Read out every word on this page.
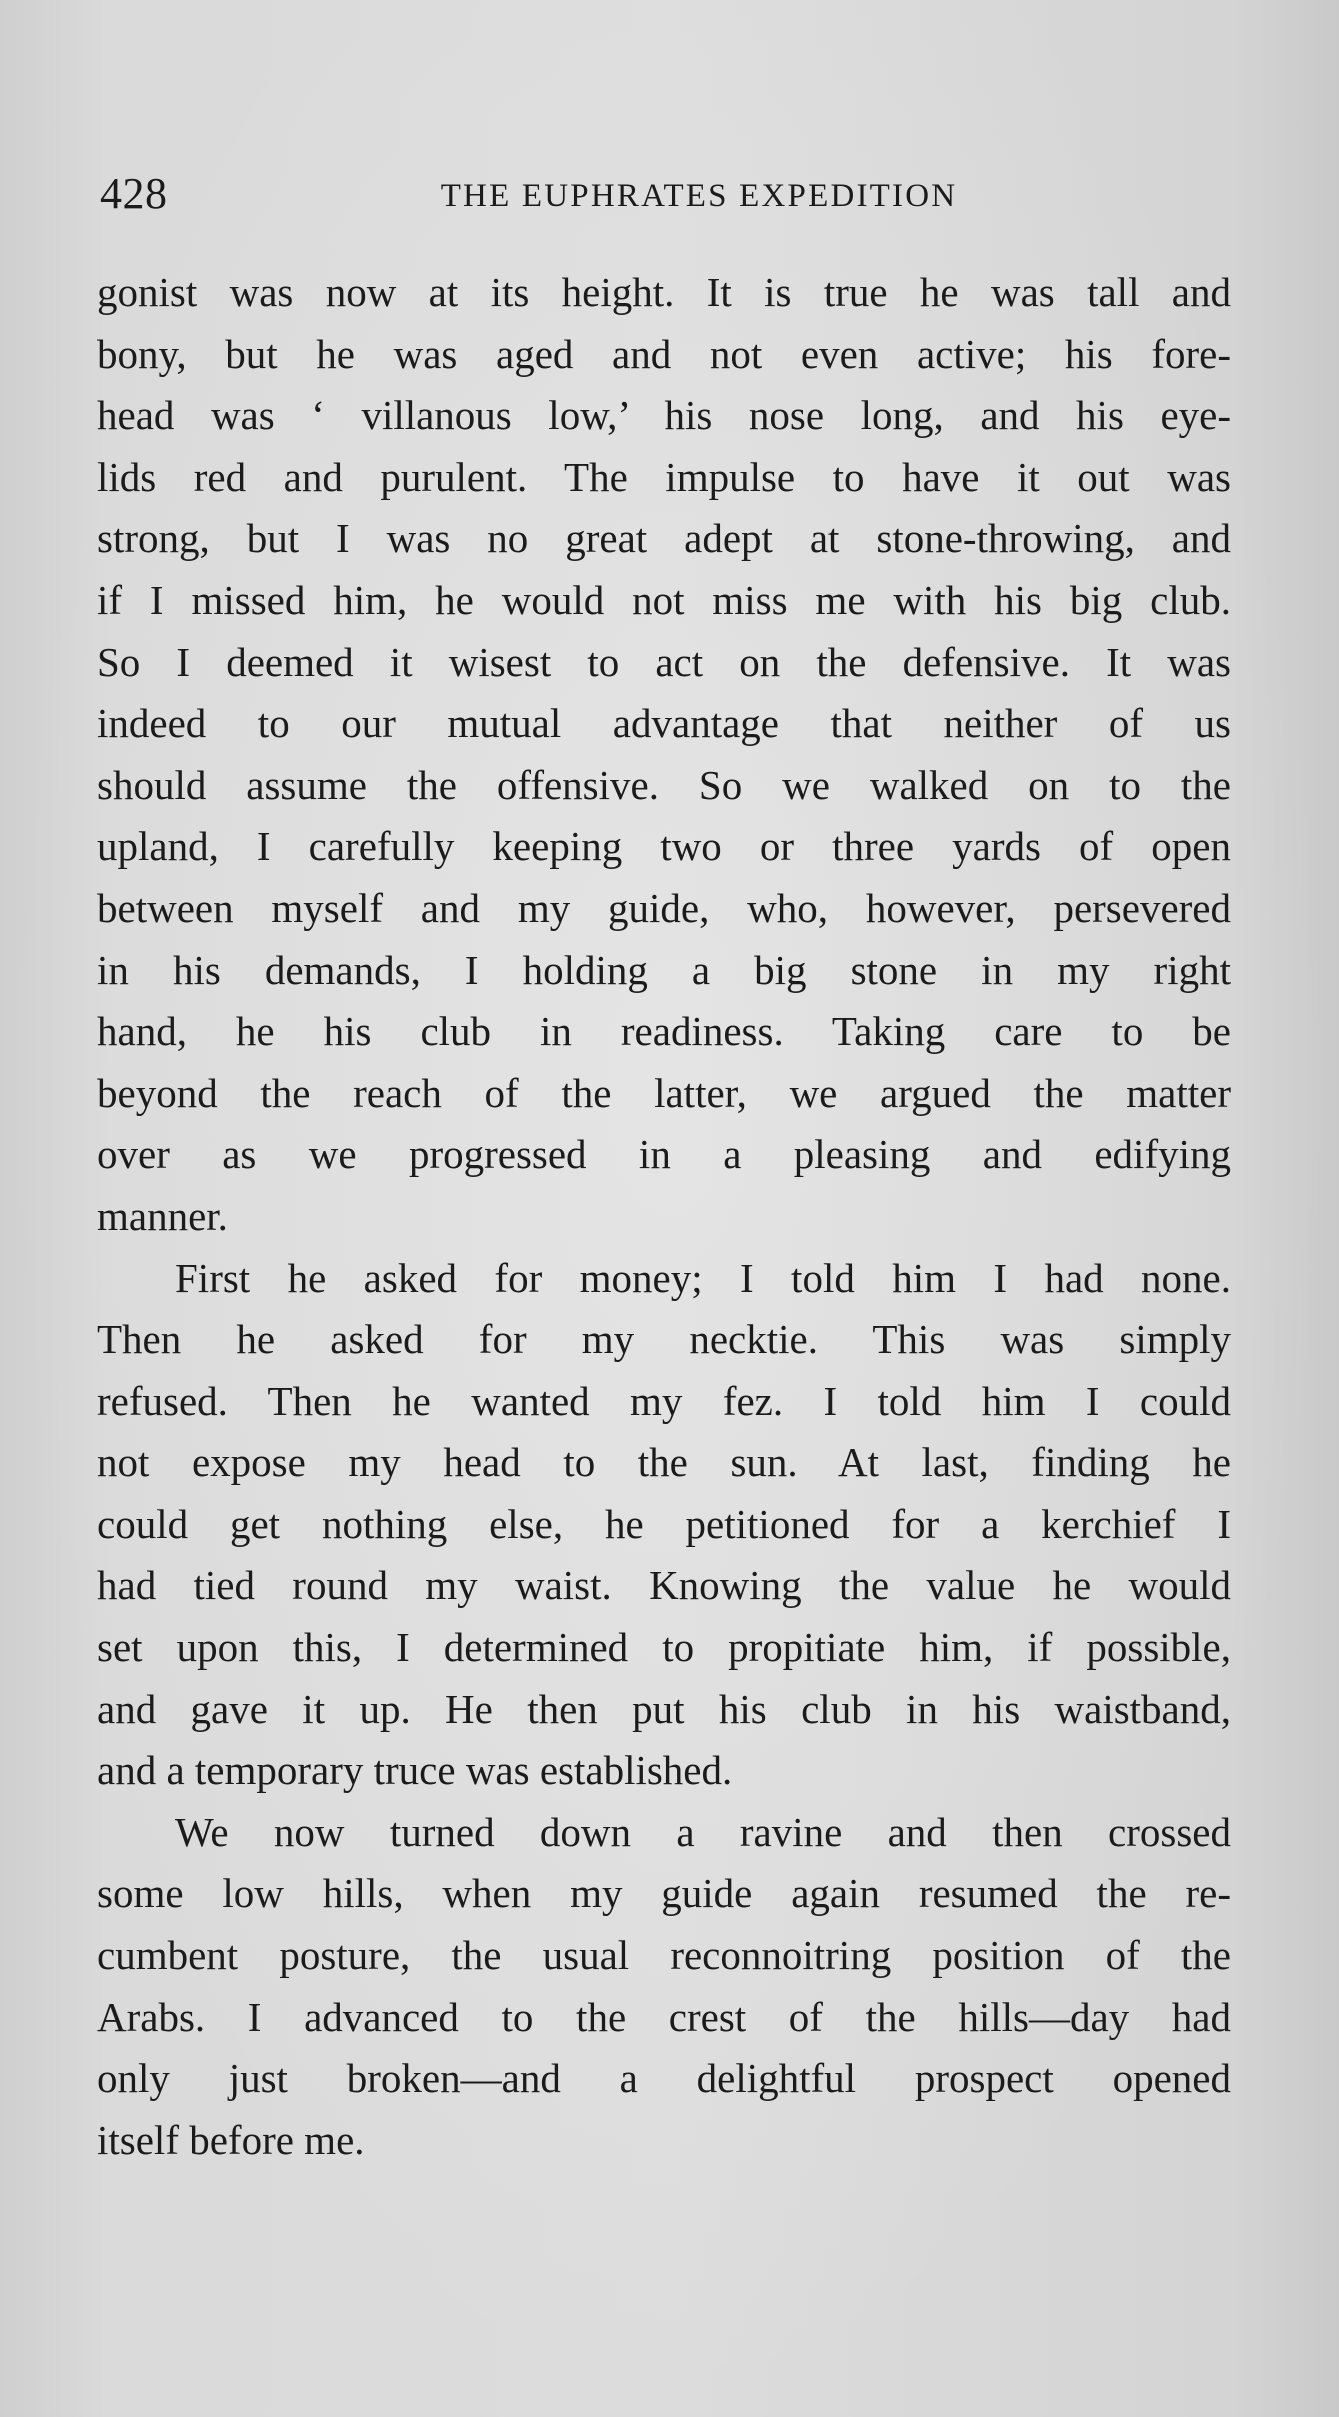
428	THE EUPHRATES EXPEDITION
gonist was now at its height. It is true he was tall and
bony, but he was aged and not even active; his fore-
head was ‘ villanous low,’ his nose long, and his eye-
lids red and purulent. The impulse to have it out was
strong, but I was no great adept at stone-throwing, and
if I missed him, he would not miss me with his big club.
So I deemed it wisest to act on the defensive. It was
indeed to our mutual advantage that neither of us
should assume the offensive. So we walked on to the
upland, I carefully keeping two or three yards of open
between myself and my guide, who, however, persevered
in his demands, I holding a big stone in my right
hand, he his club in readiness. Taking care to be
beyond the reach of the latter, we argued the matter
over as we progressed in a pleasing and edifying
manner.
First he asked for money; I told him I had none.
Then he asked for my necktie. This was simply
refused. Then he wanted my fez. I told him I could
not expose my head to the sun. At last, finding he
could get nothing else, he petitioned for a kerchief I
had tied round my waist. Knowing the value he would
set upon this, I determined to propitiate him, if possible,
and gave it up. He then put his club in his waistband,
and a temporary truce was established.
We now turned down a ravine and then crossed
some low hills, when my guide again resumed the re-
cumbent posture, the usual reconnoitring position of the
Arabs. I advanced to the crest of the hills—day had
only just broken—and a delightful prospect opened
itself before me.
